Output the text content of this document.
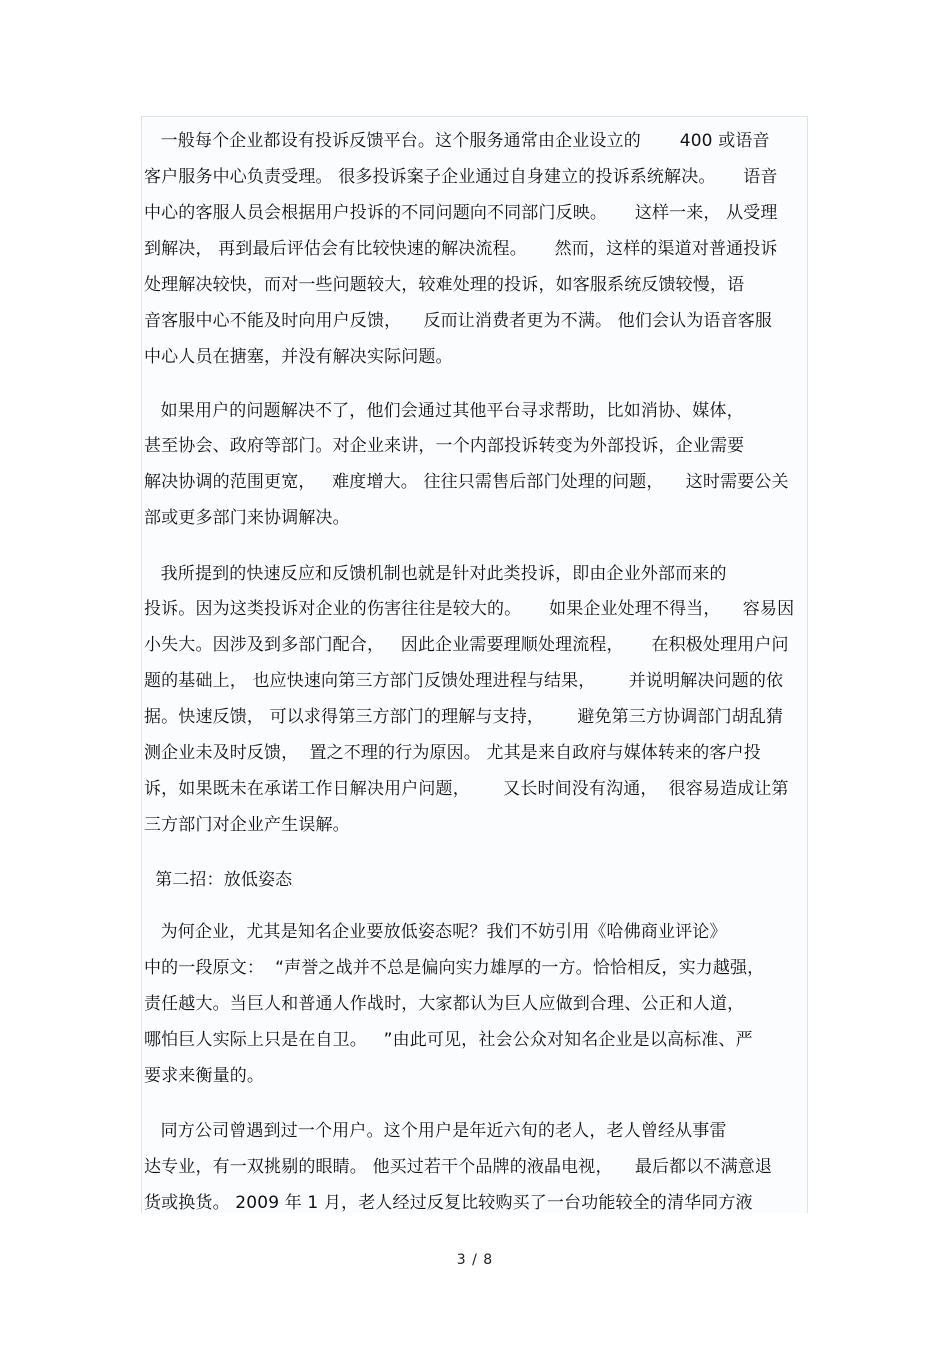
一般每个企业都设有投诉反馈平台。这个服务通常由企业设立的       400 或语音
客户服务中心负责受理。 很多投诉案子企业通过自身建立的投诉系统解决。     语音
中心的客服人员会根据用户投诉的不同问题向不同部门反映。     这样一来， 从受理
到解决， 再到最后评估会有比较快速的解决流程。     然而，这样的渠道对普通投诉
处理解决较快，而对一些问题较大，较难处理的投诉，如客服系统反馈较慢，语
音客服中心不能及时向用户反馈，    反而让消费者更为不满。 他们会认为语音客服
中心人员在搪塞，并没有解决实际问题。
如果用户的问题解决不了，他们会通过其他平台寻求帮助，比如消协、媒体，
甚至协会、政府等部门。对企业来讲，一个内部投诉转变为外部投诉，企业需要
解决协调的范围更宽，   难度增大。 往往只需售后部门处理的问题，    这时需要公关
部或更多部门来协调解决。
我所提到的快速反应和反馈机制也就是针对此类投诉，即由企业外部而来的
投诉。因为这类投诉对企业的伤害往往是较大的。     如果企业处理不得当，    容易因
小失大。因涉及到多部门配合，   因此企业需要理顺处理流程，     在积极处理用户问
题的基础上， 也应快速向第三方部门反馈处理进程与结果，      并说明解决问题的依
据。快速反馈， 可以求得第三方部门的理解与支持，      避免第三方协调部门胡乱猜
测企业未及时反馈，  置之不理的行为原因。 尤其是来自政府与媒体转来的客户投
诉，如果既未在承诺工作日解决用户问题，      又长时间没有沟通，  很容易造成让第
三方部门对企业产生误解。
第二招：放低姿态
为何企业，尤其是知名企业要放低姿态呢？我们不妨引用《哈佛商业评论》
中的一段原文：  “声誉之战并不总是偏向实力雄厚的一方。恰恰相反，实力越强，
责任越大。当巨人和普通人作战时，大家都认为巨人应做到合理、公正和人道，
哪怕巨人实际上只是在自卫。   ”由此可见，社会公众对知名企业是以高标准、严
要求来衡量的。
同方公司曾遇到过一个用户。这个用户是年近六旬的老人，老人曾经从事雷
达专业，有一双挑剔的眼睛。 他买过若干个品牌的液晶电视，    最后都以不满意退
货或换货。 2009 年 1 月，老人经过反复比较购买了一台功能较全的清华同方液
3 / 8
